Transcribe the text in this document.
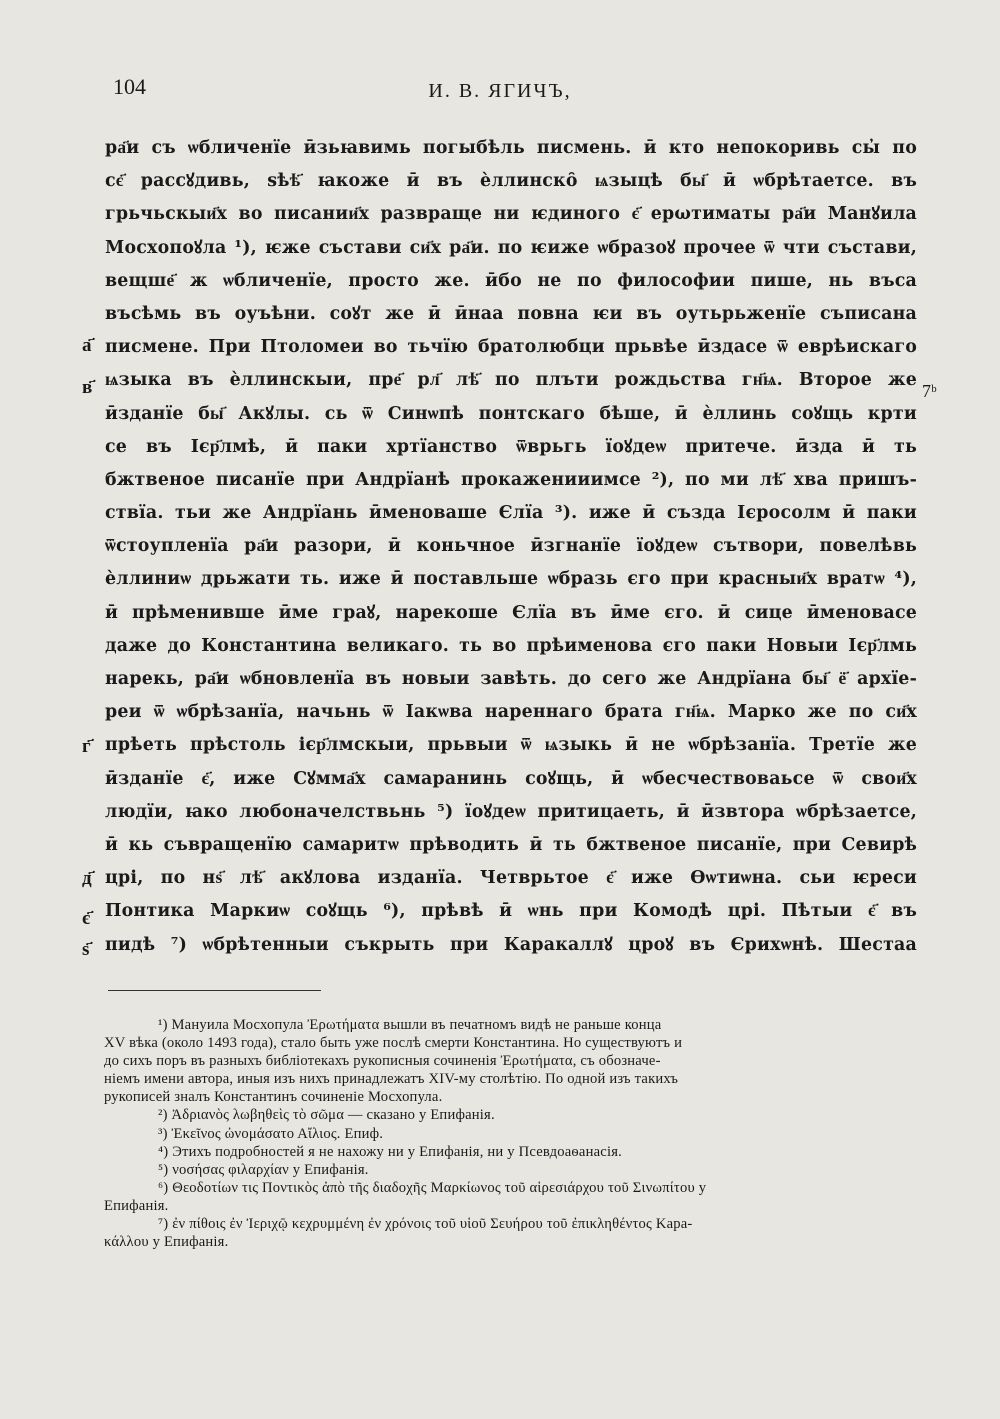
104	И. В. ЯГИЧЪ,
ра҃и съ ѡбличенїе ӣзьꙗвимь погыбѣль писмень. ӣ кто непокоривь сы̓ по
сє҃ рассꙋдивь, ѕѣѣ҃ ꙗкоже ӣ въ ѐллинско̑ ѩзыцѣ бы҃ ӣ ѡбрѣтаетсе. въ
грьчьскыи҃х во писании҃х развраще ни ѥдиного є҃ ерωтиматы ра҃и Манꙋила
Мосхопоꙋла ¹), ѥже състави си҃х ра҃и. по ѥиже ѡбразоꙋ прочее ѿ чти състави,
вещше҃ ж ѡбличенїе, просто же. ӣбо не по философии пише, нь въса
въсѣмь въ оуъѣни. соꙋт же ӣ ӣнаа повна ѥи въ оутьрьженїе съписана
писмене. При Птоломеи во тьчїю братолюбци прьвѣе ӣздасе ѿ еврѣискаго
ѩзыка въ ѐллинскыи, пре҃ рл҃ лѣ҃ по плъти рождьства гн҃ѩ. Второе же
ӣзданїе бы҃ Акꙋлы. сь ѿ Синѡпѣ понтскаго бѣше, ӣ ѐллинь соꙋщь крти
се въ Ієр҃лмѣ, ӣ паки хртїанство ѿврьгь їоꙋдеѡ притече. ӣзда ӣ ть
бжтвеное писанїе при Андрїанѣ прокаженииимсе ²), по ми лѣ҃ хва пришъ-
ствїа. тьи же Андрїань ӣменоваше Єлїа ³). иже ӣ създа Ієросолм ӣ паки
ѿстоупленїа ра҃и разори, ӣ коньчное ӣзгнанїе їоꙋдеѡ сътвори, повелѣвь
ѐллиниѡ дрьжати ть. иже ӣ поставльше ѡбразь єго при красныи҃х вратѡ ⁴),
ӣ прѣменивше ӣме граꙋ, нарекоше Єлїа въ ӣме єго. ӣ сице ӣменовасе
даже до Константина великаго. ть во прѣименова єго паки Новыи Ієр҃лмь
нарекь, ра҃и ѡбновленїа въ новыи завѣть. до сего же Андрїана бы҃ ё҃ архїе-
реи ѿ ѡбрѣзанїа, начьнь ѿ Іакѡва нареннаго брата гн҃ѩ. Марко же по си҃х
прѣеть прѣстоль ієр҃лмскыи, прьвыи ѿ ѩзыкь ӣ не ѡбрѣзанїа. Третїе же
ӣзданїе є҃, иже Сꙋмма҃х самаранинь соꙋщь, ӣ ѡбесчествоваьсе ѿ свои҃х
людїи, ꙗко любоначелствьнь ⁵) їоꙋдеѡ притицаеть, ӣ ӣзвтора ѡбрѣзаетсе,
ӣ кь съвращенїю самаритѡ прѣводить ӣ ть бжтвеное писанїе, при Севирѣ
црі, по нѕ҃ лѣ҃ акꙋлова изданїа. Четврьтое є҃ иже Өѡтиѡна. сьи ѥреси
Понтика Маркиѡ соꙋщь ⁶), прѣвѣ ӣ ѡнь при Комодѣ црі. Пѣтыи є҃ въ
пидѣ ⁷) ѡбрѣтенныи съкрыть при Каракаллꙋ цроꙋ въ Єрихѡнѣ. Шестаа
а҃
в҃
г҃
д҃
є҃
ѕ҃
7ᵇ
¹) Мануила Мосхопула Ἐρωτήματα вышли въ печатномъ видѣ не раньше конца
XV вѣка (около 1493 года), стало быть уже послѣ смерти Константина. Но существуютъ и
до сихъ поръ въ разныхъ библіотекахъ рукописныя сочиненія Ἐρωτήματα, съ обозначе-
ніемъ имени автора, иныя изъ нихъ принадлежатъ XIV-му столѣтію. По одной изъ такихъ
рукописей зналъ Константинъ сочиненіе Мосхопула.
²) Ἀδριανὸς λωβηθεὶς τὸ σῶμα — сказано у Епифанія.
³) Ἐκεῖνος ὠνομάσατο Αἴλιος. Епиф.
⁴) Этихъ подробностей я не нахожу ни у Епифанія, ни у Псевдоаѳанасія.
⁵) νοσήσας φιλαρχίαν у Епифанія.
⁶) Θεοδοτίων τις Ποντικὸς ἀπὸ τῆς διαδοχῆς Μαρκίωνος τοῦ αἱρεσιάρχου τοῦ Σινωπίτου у
Епифанія.
⁷) ἐν πίθοις ἐν Ἰεριχῷ κεχρυμμένη ἐν χρόνοις τοῦ υἱοῦ Σευήρου τοῦ ἐπικληθέντος Κара-
κάλλου у Епифанія.
